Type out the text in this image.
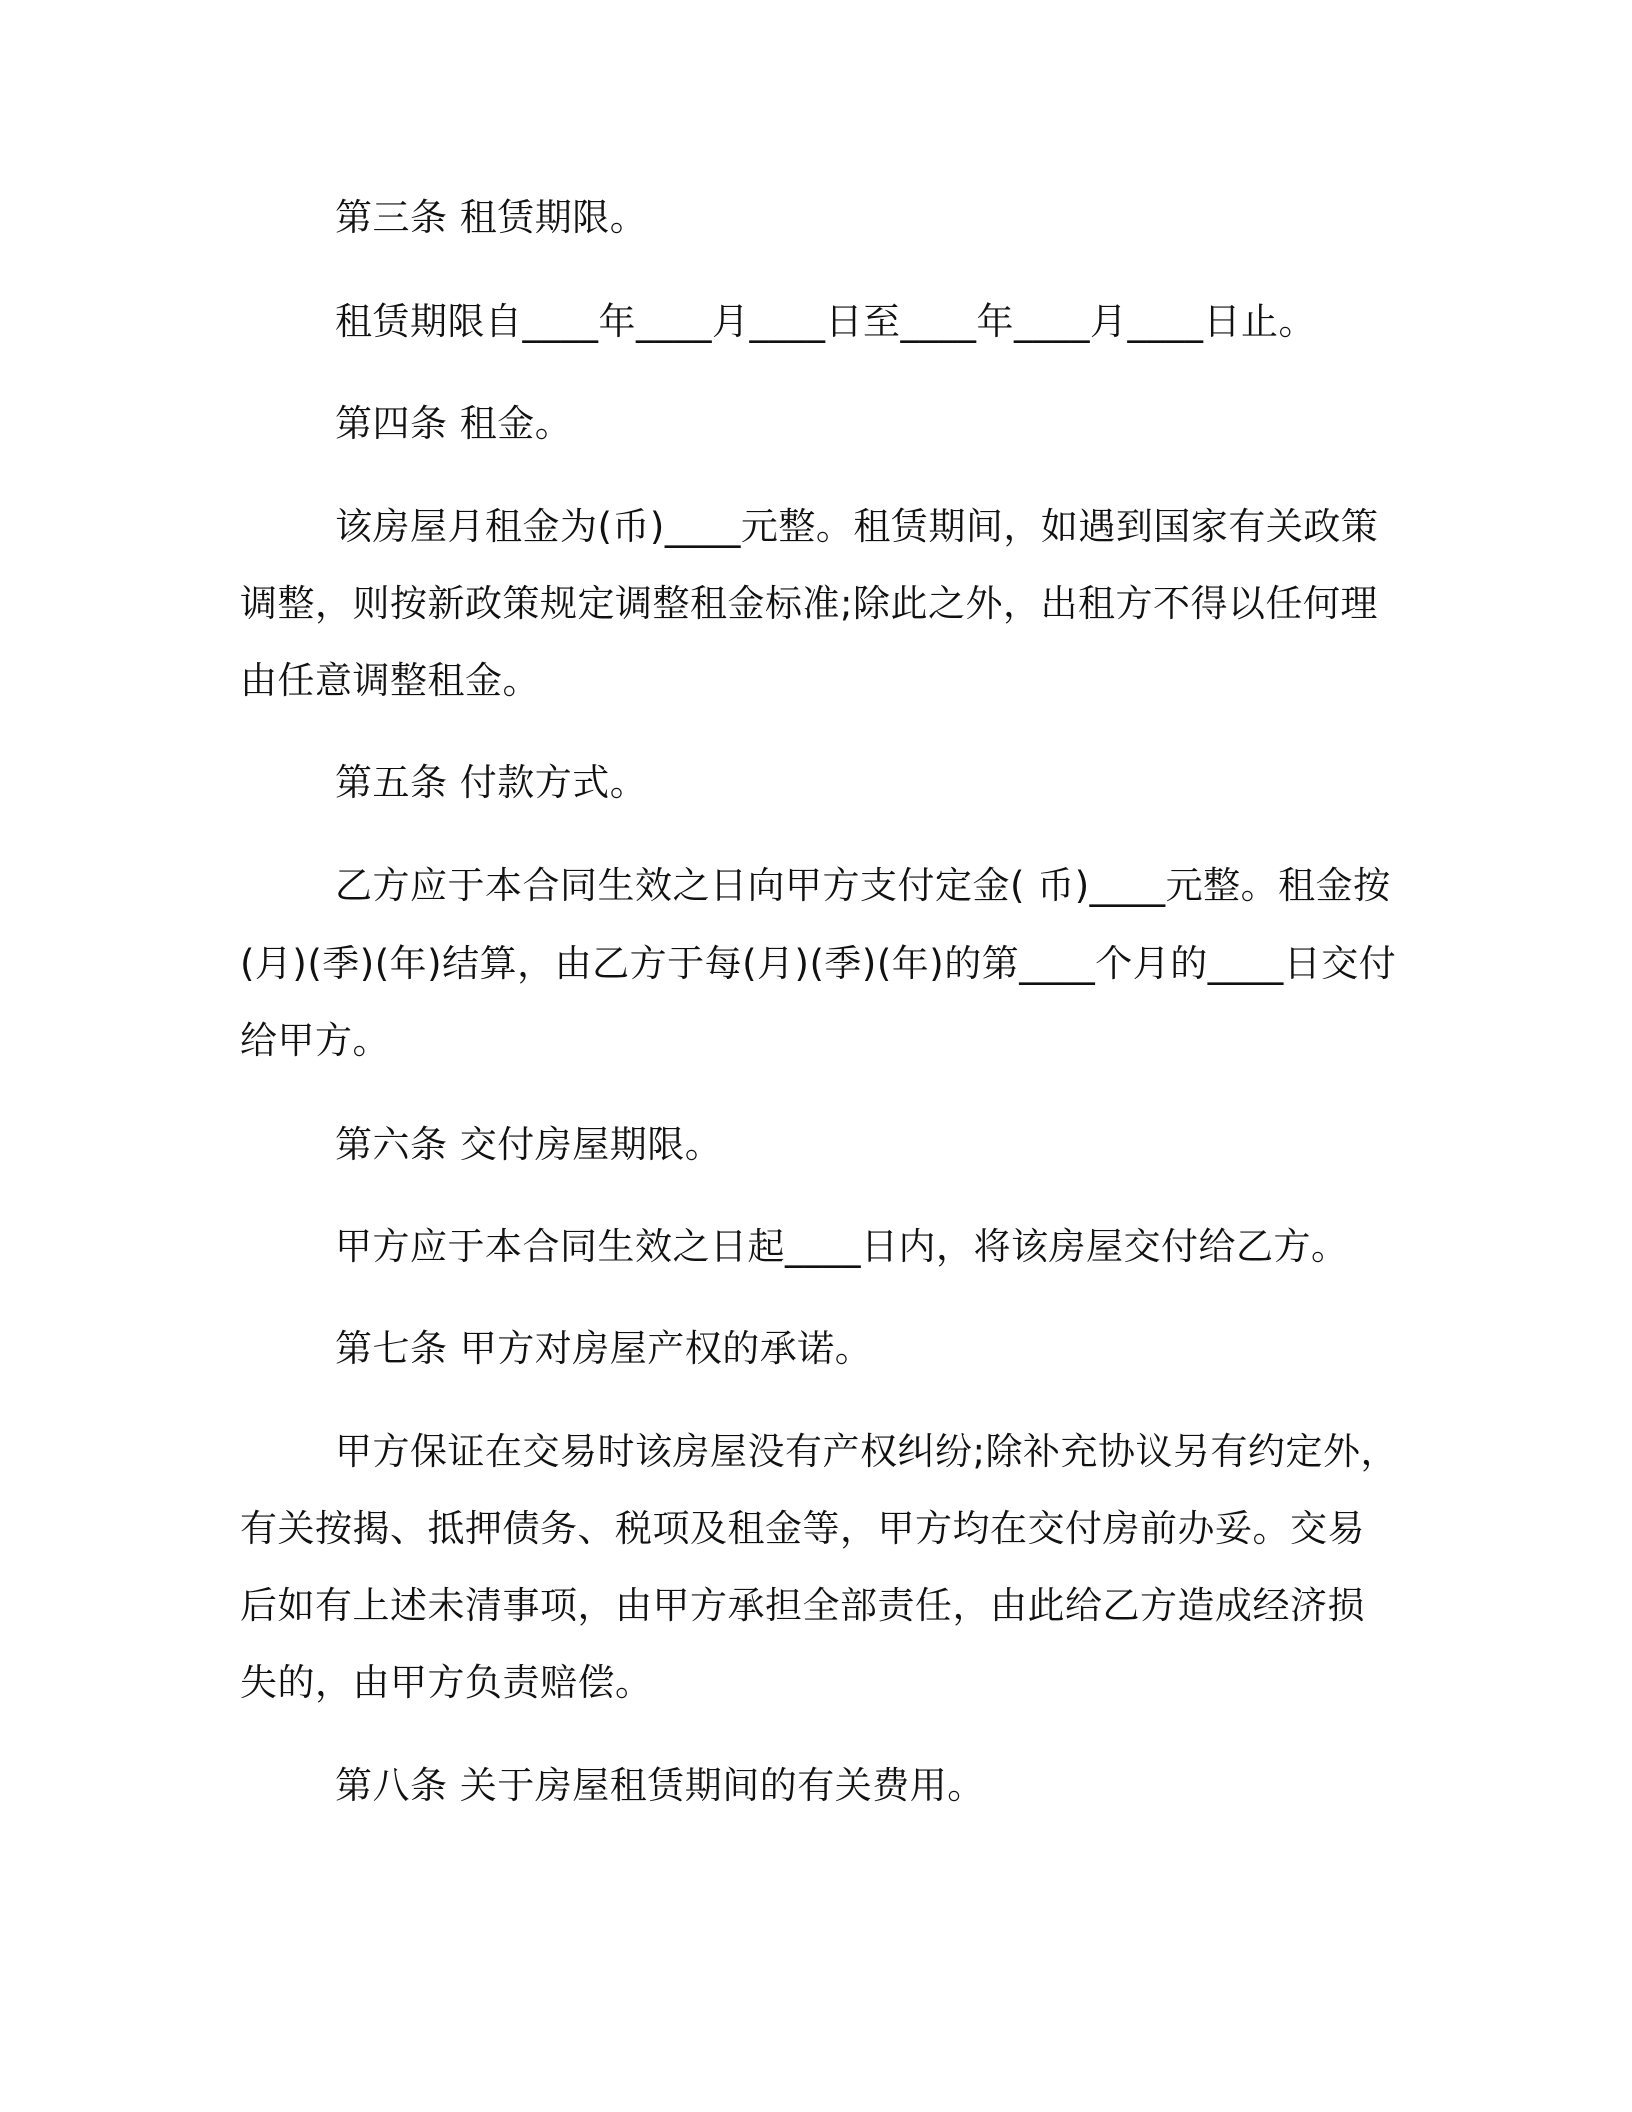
第三条 租赁期限。
租赁期限自____年____月____日至____年____月____日止。
第四条 租金。
该房屋月租金为(币)____元整。租赁期间，如遇到国家有关政策
调整，则按新政策规定调整租金标准;除此之外，出租方不得以任何理
由任意调整租金。
第五条 付款方式。
乙方应于本合同生效之日向甲方支付定金( 币)____元整。租金按
(月)(季)(年)结算，由乙方于每(月)(季)(年)的第____个月的____日交付
给甲方。
第六条 交付房屋期限。
甲方应于本合同生效之日起____日内，将该房屋交付给乙方。
第七条 甲方对房屋产权的承诺。
甲方保证在交易时该房屋没有产权纠纷;除补充协议另有约定外，
有关按揭、抵押债务、税项及租金等，甲方均在交付房前办妥。交易
后如有上述未清事项，由甲方承担全部责任，由此给乙方造成经济损
失的，由甲方负责赔偿。
第八条 关于房屋租赁期间的有关费用。
